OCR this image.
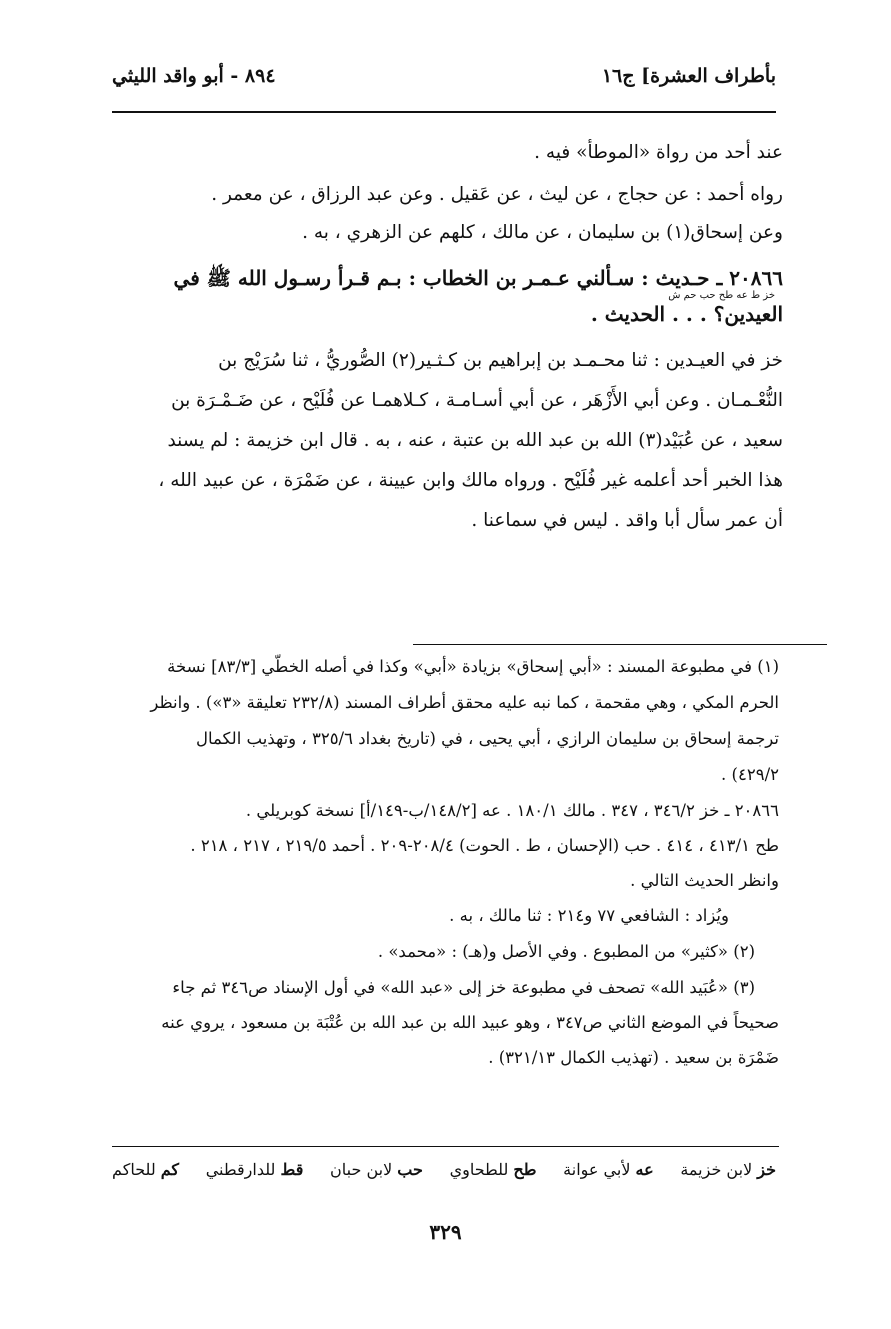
بأطراف العشرة] ج١٦
٨٩٤ - أبو واقد الليثي

عند أحد من رواة «الموطأ» فيه .

رواه أحمد : عن حجاج ، عن ليث ، عن عَقيل . وعن عبد الرزاق ، عن معمر .

وعن إسحاق(١) بن سليمان ، عن مالك ، كلهم عن الزهري ، به .

٢٠٨٦٦ ـ حـديث : سـألني عـمـر بن الخطاب : بـم قـرأ رسـول الله ﷺ في
خز ط عه طح حب حم ش
العيدين؟ . . . الحديث .

خز في العيـدين : ثنا محـمـد بن إبراهيم بن كـثـير(٢) الصُّوريُّ ، ثنا سُرَيْج بن

النُّعْـمـان . وعن أبي الأَزْهَر ، عن أبي أسـامـة ، كـلاهمـا عن فُلَيْح ، عن ضَـمْـرَة بن

سعيد ، عن عُبَيْد(٣) الله بن عبد الله بن عتبة ، عنه ، به . قال ابن خزيمة : لم يسند

هذا الخبر أحد أعلمه غير فُلَيْح . ورواه مالك وابن عيينة ، عن ضَمْرَة ، عن عبيد الله ،

أن عمر سأل أبا واقد . ليس في سماعنا .

(١) في مطبوعة المسند : «أبي إسحاق» بزيادة «أبي» وكذا في أصله الخطّي [٨٣/٣] نسخة

الحرم المكي ، وهي مقحمة ، كما نبه عليه محقق أطراف المسند (٢٣٢/٨ تعليقة «٣») . وانظر

ترجمة إسحاق بن سليمان الرازي ، أبي يحيى ، في (تاريخ بغداد ٣٢٥/٦ ، وتهذيب الكمال

٤٢٩/٢) .

٢٠٨٦٦ ـ خز ٣٤٦/٢ ، ٣٤٧ . مالك ١٨٠/١ . عه [١٤٨/٢/ب-١٤٩/أ] نسخة كوبريلي .

طح ٤١٣/١ ، ٤١٤ . حب (الإحسان ، ط . الحوت) ٢٠٨/٤-٢٠٩ . أحمد ٢١٩/٥ ، ٢١٧ ، ٢١٨ .

وانظر الحديث التالي .

ويُزاد : الشافعي ٧٧ و٢١٤ : ثنا مالك ، به .

(٢) «كثير» من المطبوع . وفي الأصل و(هـ) : «محمد» .

(٣) «عُبَيد الله» تصحف في مطبوعة خز إلى «عبد الله» في أول الإسناد ص٣٤٦ ثم جاء

صحيحاً في الموضع الثاني ص٣٤٧ ، وهو عبيد الله بن عبد الله بن عُتْبَة بن مسعود ، يروي عنه

ضَمْرَة بن سعيد . (تهذيب الكمال ٣٢١/١٣) .

خز لابن خزيمة
عه لأبي عوانة
طح للطحاوي
حب لابن حبان
قط للدارقطني
كم للحاكم
٣٢٩
